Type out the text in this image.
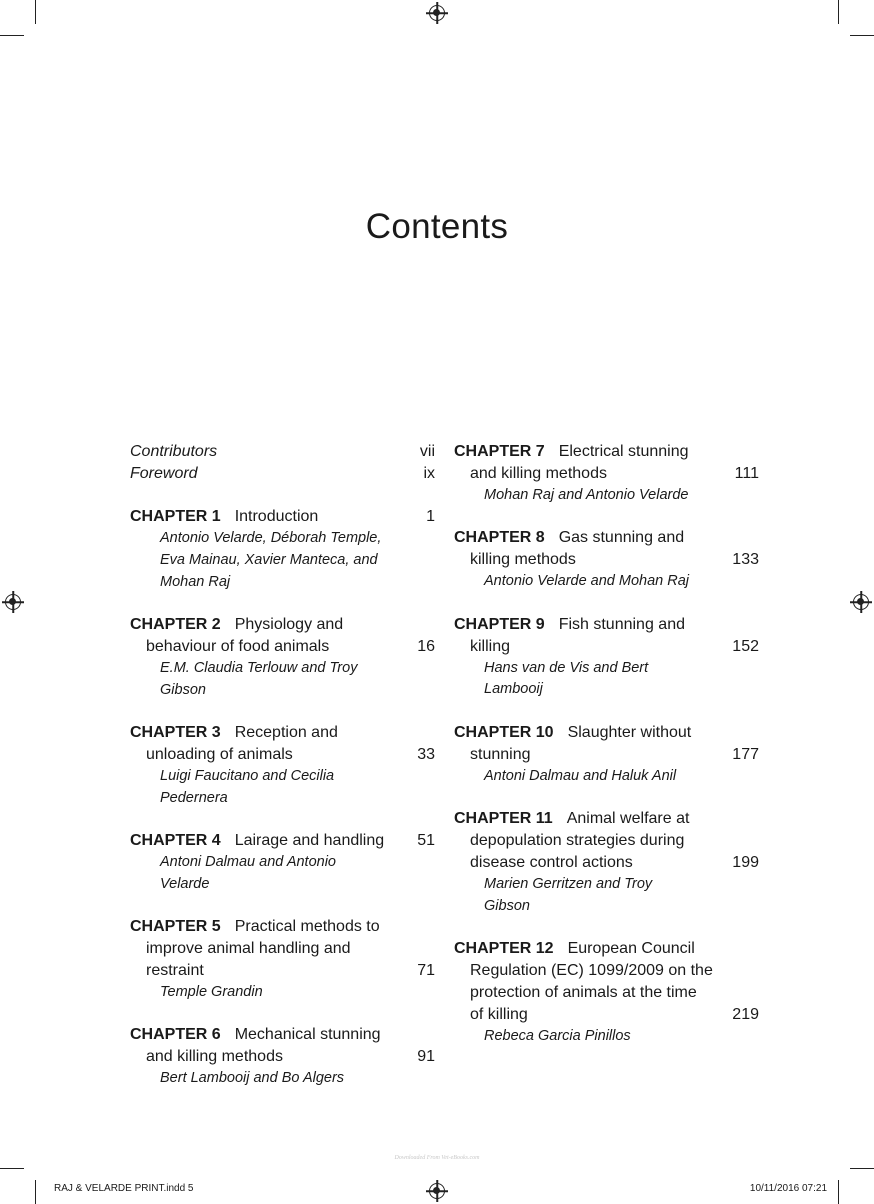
Contents
Contributors	vii
Foreword	ix
CHAPTER 1 Introduction	1
Antonio Velarde, Déborah Temple,
Eva Mainau, Xavier Manteca, and
Mohan Raj
CHAPTER 2 Physiology and
behaviour of food animals	16
E.M. Claudia Terlouw and Troy
Gibson
CHAPTER 3 Reception and
unloading of animals	33
Luigi Faucitano and Cecilia
Pedernera
CHAPTER 4 Lairage and handling 51
Antoni Dalmau and Antonio
Velarde
CHAPTER 5 Practical methods to
improve animal handling and
restraint	71
Temple Grandin
CHAPTER 6 Mechanical stunning
and killing methods	91
Bert Lambooij and Bo Algers
CHAPTER 7 Electrical stunning
and killing methods	111
Mohan Raj and Antonio Velarde
CHAPTER 8 Gas stunning and
killing methods	133
Antonio Velarde and Mohan Raj
CHAPTER 9 Fish stunning and
killing	152
Hans van de Vis and Bert
Lambooij
CHAPTER 10 Slaughter without
stunning	177
Antoni Dalmau and Haluk Anil
CHAPTER 11 Animal welfare at
depopulation strategies during
disease control actions	199
Marien Gerritzen and Troy
Gibson
CHAPTER 12 European Council
Regulation (EC) 1099/2009 on the
protection of animals at the time
of killing	219
Rebeca Garcia Pinillos
Downloaded From Vet-eBooks.com
RAJ & VELARDE PRINT.indd 5	10/11/2016 07:21
